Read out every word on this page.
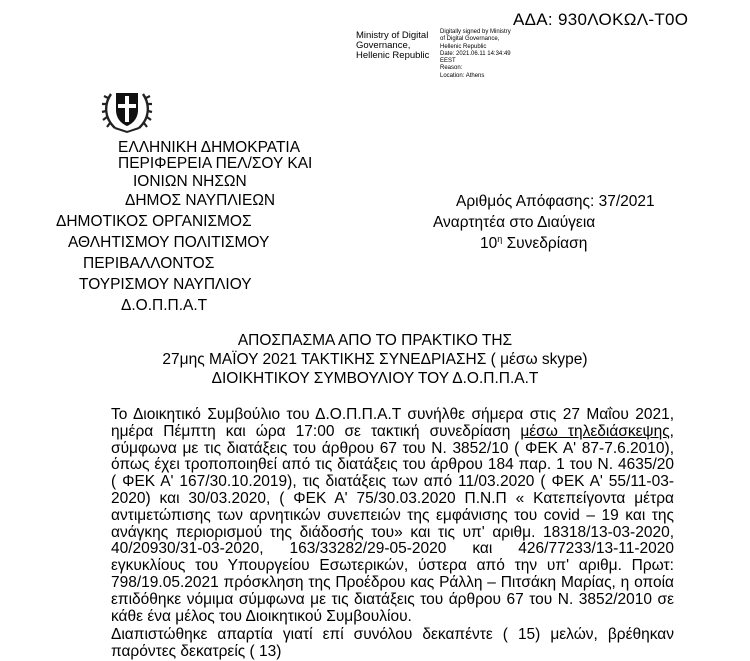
ΑΔΑ: 930ΛΟΚΩΛ-Τ0Ο
Ministry of Digital
Governance,
Hellenic Republic
Digitally signed by Ministry
of Digital Governance,
Hellenic Republic
Date: 2021.06.11 14:34:49
EEST
Reason:
Location: Athens
ΕΛΛΗΝΙΚΗ ΔΗΜΟΚΡΑΤΙΑ
ΠΕΡΙΦΕΡΕΙΑ ΠΕΛ/ΣΟΥ ΚΑΙ
ΙΟΝΙΩΝ ΝΗΣΩΝ
ΔΗΜΟΣ ΝΑΥΠΛΙΕΩΝ
ΔΗΜΟΤΙΚΟΣ ΟΡΓΑΝΙΣΜΟΣ
ΑΘΛΗΤΙΣΜΟΥ ΠΟΛΙΤΙΣΜΟΥ
ΠΕΡΙΒΑΛΛΟΝΤΟΣ
ΤΟΥΡΙΣΜΟΥ ΝΑΥΠΛΙΟΥ
Δ.Ο.Π.Π.Α.Τ
Αριθμός Απόφασης: 37/2021
Αναρτητέα στο Διαύγεια
$10^\eta$ Συνεδρίαση
ΑΠΟΣΠΑΣΜΑ ΑΠΟ ΤΟ ΠΡΑΚΤΙΚΟ ΤΗΣ
27μης ΜΑΪΟΥ 2021 ΤΑΚΤΙΚΗΣ ΣΥΝΕΔΡΙΑΣΗΣ ( μέσω skype)
ΔΙΟΙΚΗΤΙΚΟΥ ΣΥΜΒΟΥΛΙΟΥ ΤΟΥ Δ.Ο.Π.Π.Α.Τ

Το Διοικητικό Συμβούλιο του Δ.Ο.Π.Π.Α.Τ συνήλθε σήμερα στις 27 Μαΐου 2021, ημέρα Πέμπτη και ώρα 17:00 σε τακτική συνεδρίαση μέσω τηλεδιάσκεψης, σύμφωνα με τις διατάξεις του άρθρου 67 του Ν. 3852/10 ( ΦΕΚ Α' 87-7.6.2010), όπως έχει τροποποιηθεί από τις διατάξεις του άρθρου 184 παρ. 1 του Ν. 4635/20 ( ΦΕΚ Α' 167/30.10.2019), τις διατάξεις των από 11/03.2020 ( ΦΕΚ Α' 55/11-03-2020) και 30/03.2020, ( ΦΕΚ Α' 75/30.03.2020 Π.Ν.Π « Κατεπείγοντα μέτρα αντιμετώπισης των αρνητικών συνεπειών της εμφάνισης του covid – 19 και της ανάγκης περιορισμού της διάδοσής του» και τις υπ' αριθμ. 18318/13-03-2020, 40/20930/31-03-2020, 163/33282/29-05-2020 και 426/77233/13-11-2020 εγκυκλίους του Υπουργείου Εσωτερικών, ύστερα από την υπ' αριθμ. Πρωτ: 798/19.05.2021 πρόσκληση της Προέδρου κας Ράλλη – Πιτσάκη Μαρίας, η οποία επιδόθηκε νόμιμα σύμφωνα με τις διατάξεις του άρθρου 67 του Ν. 3852/2010 σε κάθε ένα μέλος του Διοικητικού Συμβουλίου.

Διαπιστώθηκε απαρτία γιατί επί συνόλου δεκαπέντε ( 15) μελών, βρέθηκαν παρόντες δεκατρείς ( 13)
